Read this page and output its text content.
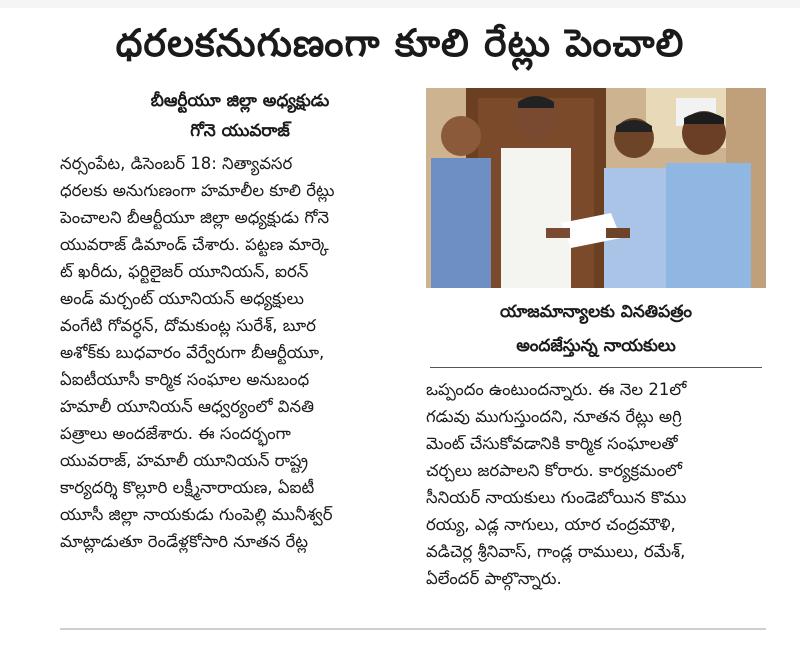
ధరలకనుగుణంగా కూలి రేట్లు పెంచాలి
బీఆర్టీయూ జిల్లా అధ్యక్షుడు
గోనె యువరాజ్
నర్సంపేట, డిసెంబర్ 18: నిత్యావసర
ధరలకు అనుగుణంగా హమాలీల కూలి రేట్లు
పెంచాలని బీఆర్టీయూ జిల్లా అధ్యక్షుడు గోనె
యువరాజ్ డిమాండ్ చేశారు. పట్టణ మార్కె
ట్ ఖరీదు, ఫర్టిలైజర్ యూనియన్, ఐరన్
అండ్ మర్చంట్ యూనియన్ అధ్యక్షులు
వంగేటి గోవర్ధన్, దోమకుంట్ల సురేశ్, బూర
అశోక్‌కు బుధవారం వేర్వేరుగా బీఆర్టీయూ,
ఏఐటీయూసీ కార్మిక సంఘాల అనుబంధ
హమాలీ యూనియన్ ఆధ్వర్యంలో వినతి
పత్రాలు అందజేశారు. ఈ సందర్భంగా
యువరాజ్, హమాలీ యూనియన్ రాష్ట్ర
కార్యదర్శి కొల్లూరి లక్ష్మీనారాయణ, ఏఐటీ
యూసీ జిల్లా నాయకుడు గుంపెల్లి మునీశ్వర్
మాట్లాడుతూ రెండేళ్లకోసారి నూతన రేట్ల
యాజమాన్యాలకు వినతిపత్రం
అందజేస్తున్న నాయకులు
ఒప్పందం ఉంటుందన్నారు. ఈ నెల 21లో
గడువు ముగుస్తుందని, నూతన రేట్లు అగ్రి
మెంట్ చేసుకోవడానికి కార్మిక సంఘాలతో
చర్చలు జరపాలని కోరారు. కార్యక్రమంలో
సీనియర్ నాయకులు గుండెబోయిన కొము
రయ్య, ఎడ్ల నాగులు, యార చంద్రమౌళి,
వడిచెర్ల శ్రీనివాస్, గాండ్ల రాములు, రమేశ్,
ఏలేందర్ పాల్గొన్నారు.
